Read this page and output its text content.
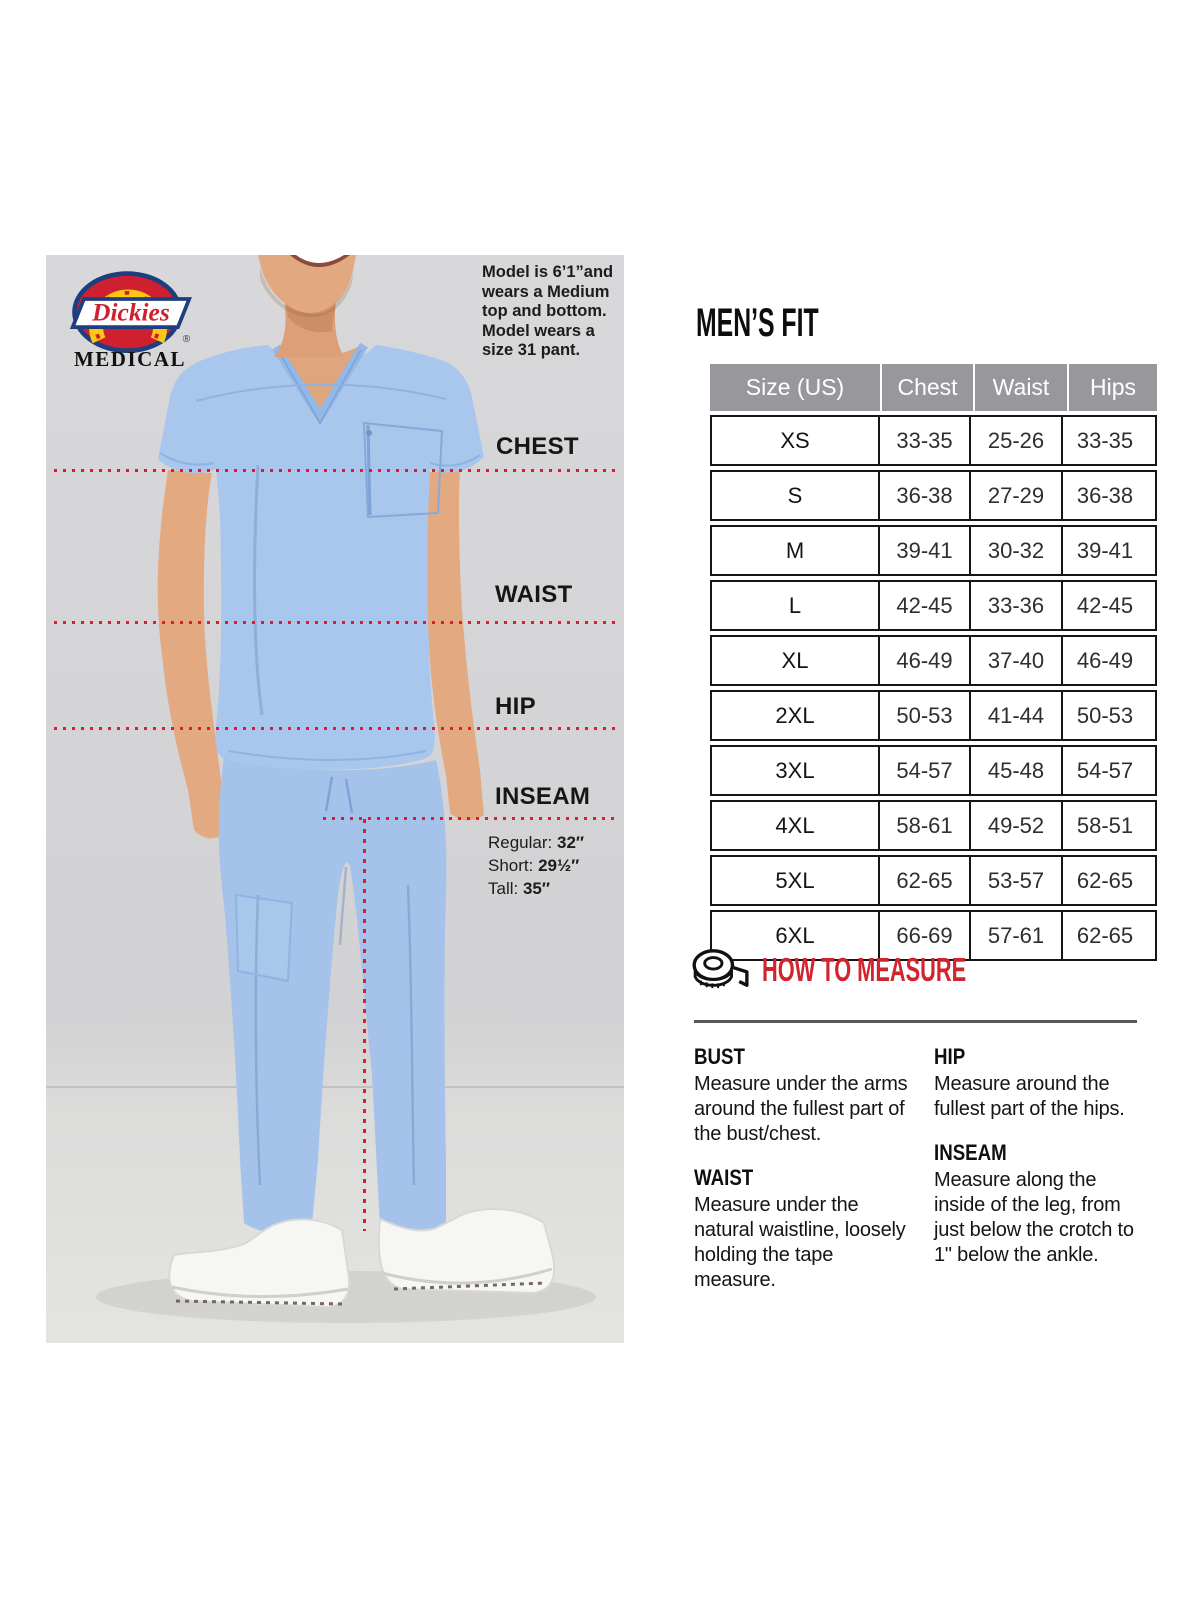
Dickies
®
MEDICAL
Model is 6’1”and wears a Medium top and bottom. Model wears a size 31 pant.
CHEST
WAIST
HIP
INSEAM
Regular: 32″
Short: 29½″
Tall: 35″
MEN’S FIT
Size (US)	Chest	Waist	Hips
XS	33-35	25-26	33-35
S	36-38	27-29	36-38
M	39-41	30-32	39-41
L	42-45	33-36	42-45
XL	46-49	37-40	46-49
2XL	50-53	41-44	50-53
3XL	54-57	45-48	54-57
4XL	58-61	49-52	58-51
5XL	62-65	53-57	62-65
6XL	66-69	57-61	62-65
HOW TO MEASURE
BUST
Measure under the arms around the fullest part of the bust/chest.
WAIST
Measure under the natural waistline, loosely holding the tape measure.
HIP
Measure around the fullest part of the hips.
INSEAM
Measure along the inside of the leg, from just below the crotch to 1" below the ankle.
